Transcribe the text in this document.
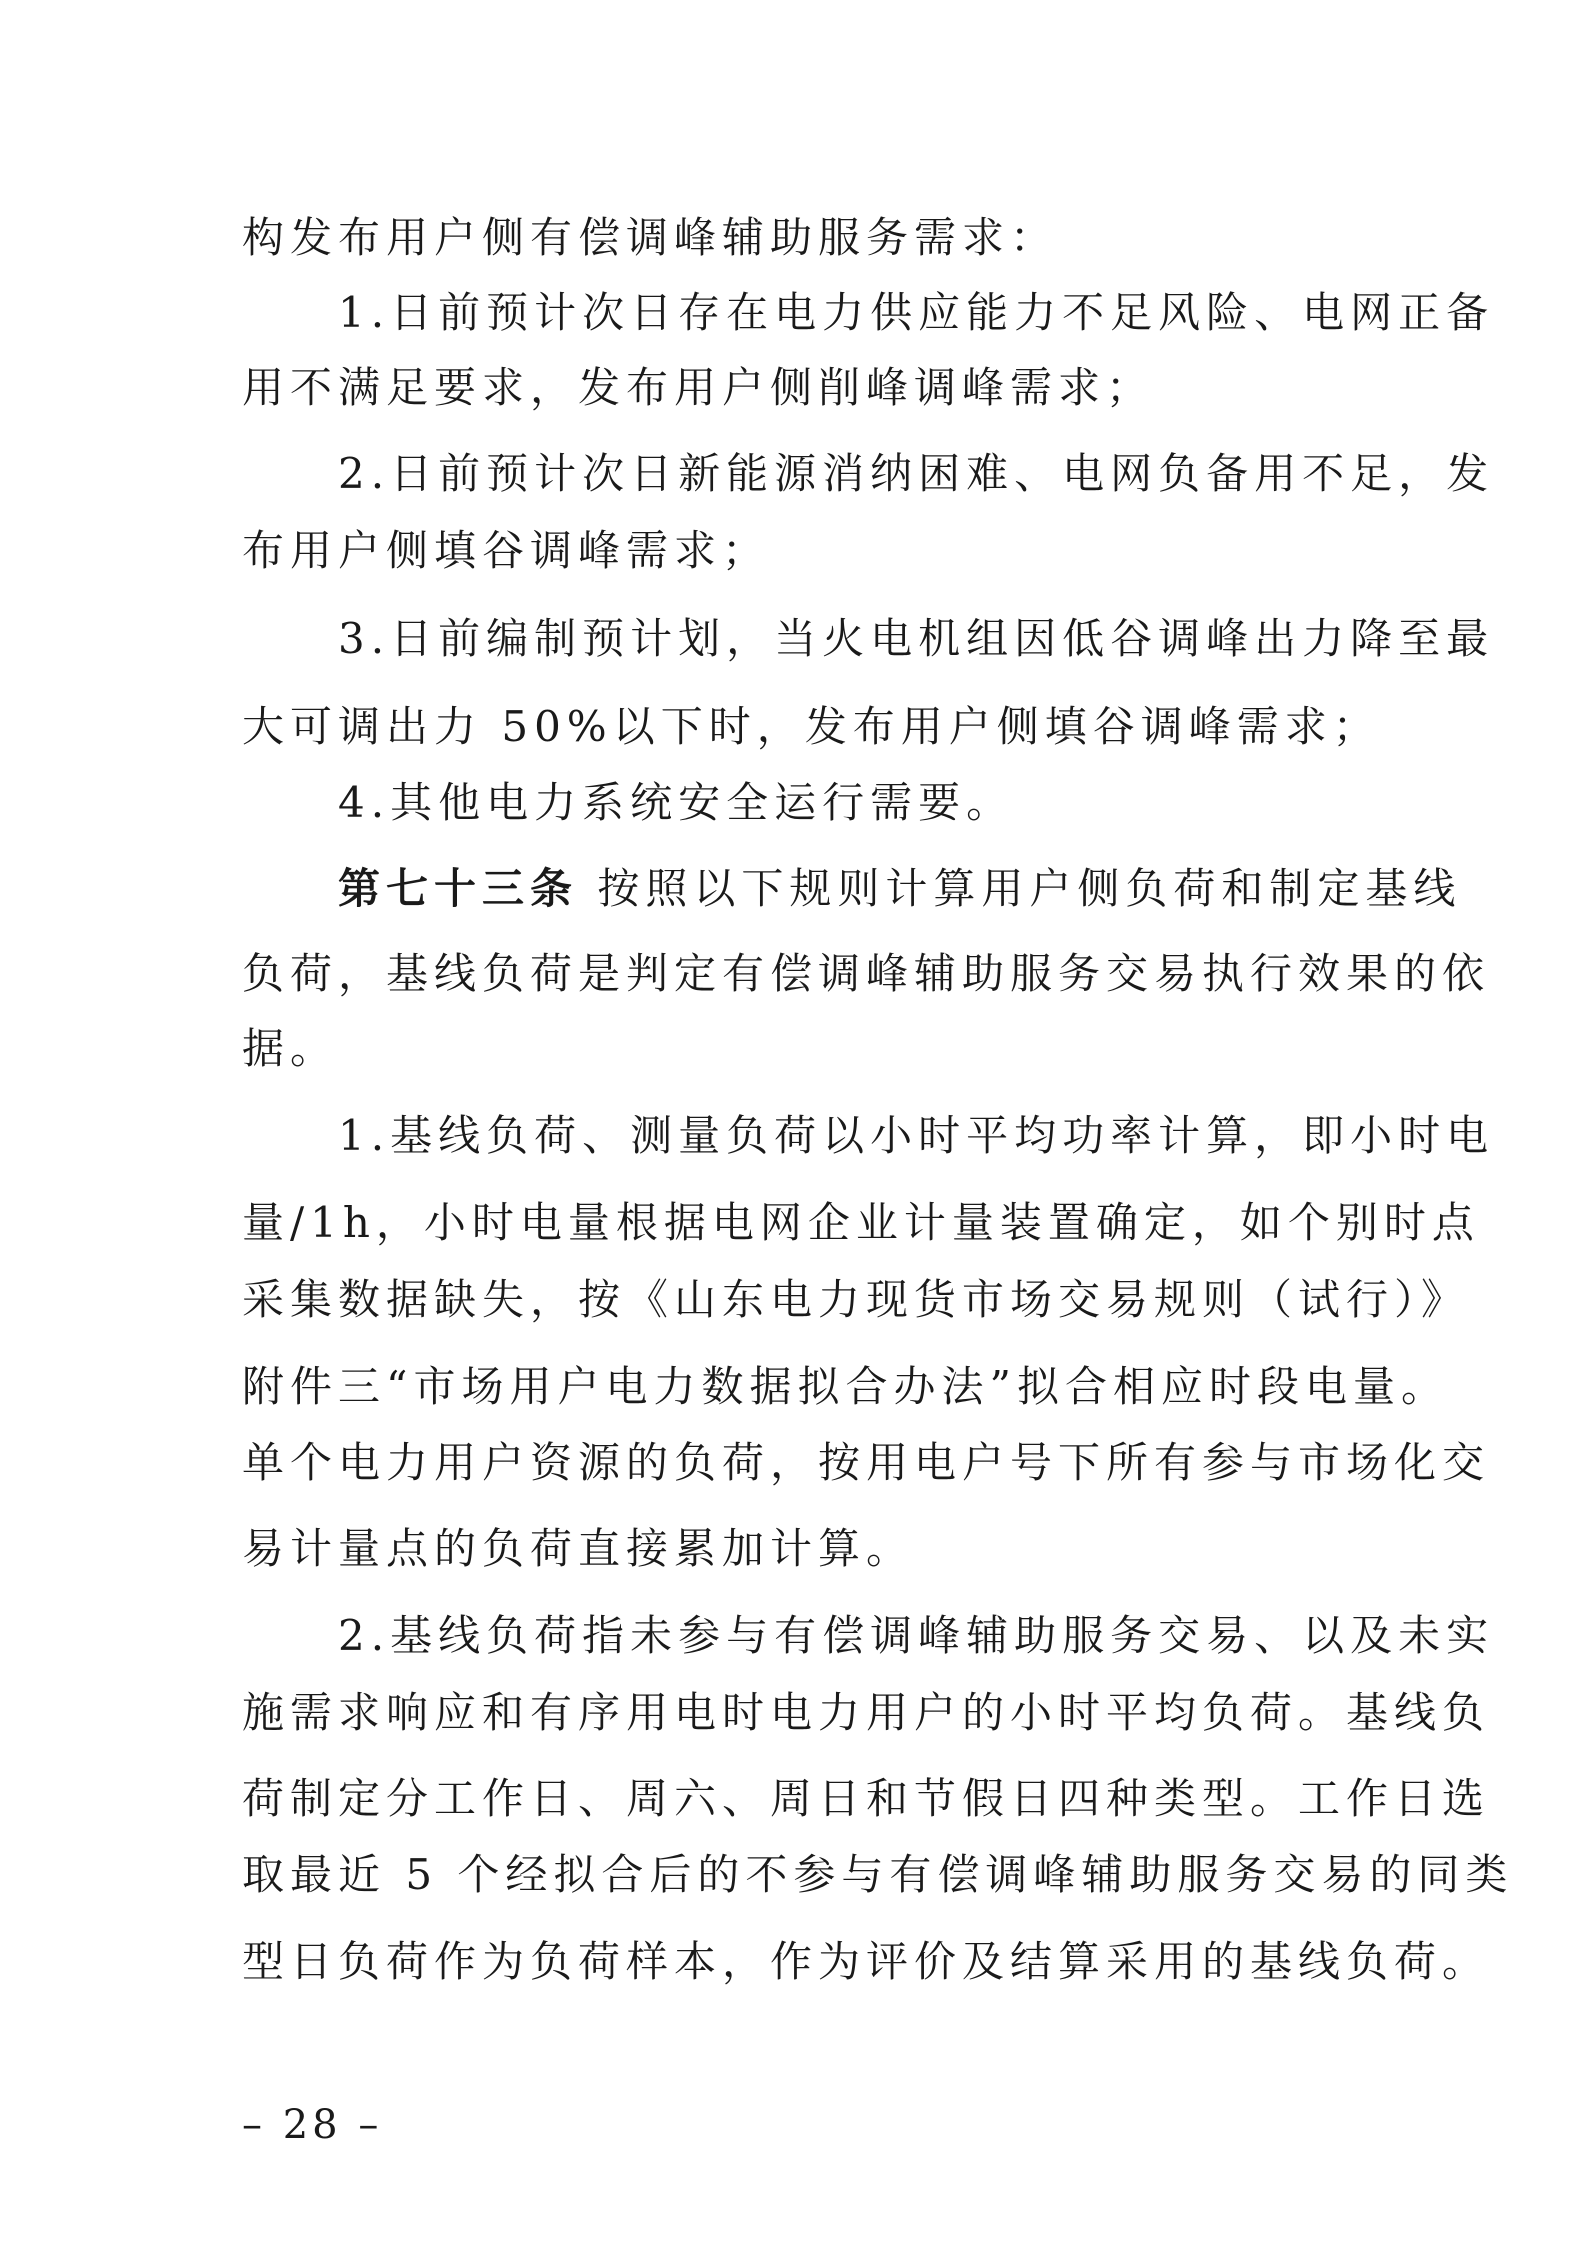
构发布用户侧有偿调峰辅助服务需求：
1.日前预计次日存在电力供应能力不足风险、电网正备
用不满足要求，发布用户侧削峰调峰需求；
2.日前预计次日新能源消纳困难、电网负备用不足，发
布用户侧填谷调峰需求；
3.日前编制预计划，当火电机组因低谷调峰出力降至最
大可调出力 50%以下时，发布用户侧填谷调峰需求；
4.其他电力系统安全运行需要。
第七十三条 按照以下规则计算用户侧负荷和制定基线
负荷，基线负荷是判定有偿调峰辅助服务交易执行效果的依
据。
1.基线负荷、测量负荷以小时平均功率计算，即小时电
量/1h，小时电量根据电网企业计量装置确定，如个别时点
采集数据缺失，按《山东电力现货市场交易规则（试行）》
附件三“市场用户电力数据拟合办法”拟合相应时段电量。
单个电力用户资源的负荷，按用电户号下所有参与市场化交
易计量点的负荷直接累加计算。
2.基线负荷指未参与有偿调峰辅助服务交易、以及未实
施需求响应和有序用电时电力用户的小时平均负荷。基线负
荷制定分工作日、周六、周日和节假日四种类型。工作日选
取最近 5 个经拟合后的不参与有偿调峰辅助服务交易的同类
型日负荷作为负荷样本，作为评价及结算采用的基线负荷。
– 28 –
